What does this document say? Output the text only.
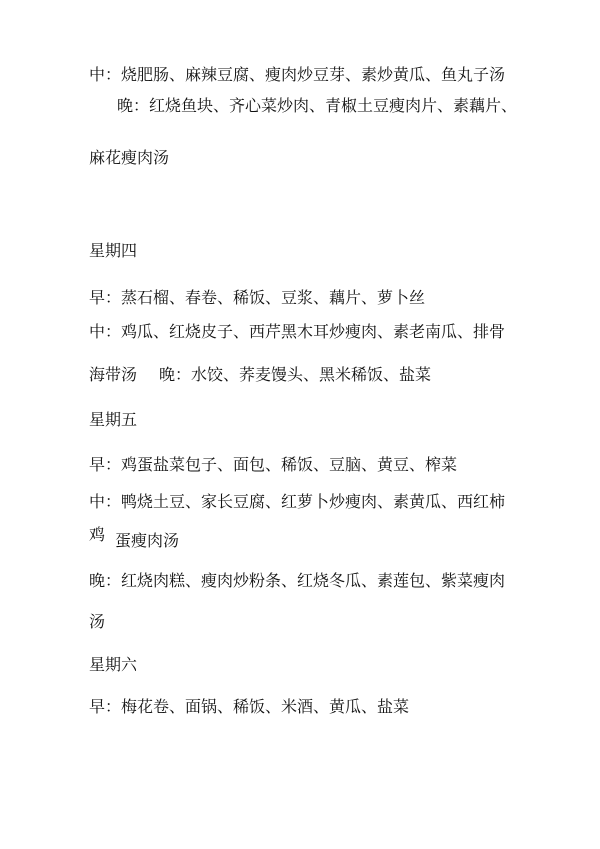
中：烧肥肠、麻辣豆腐、瘦肉炒豆芽、素炒黄瓜、鱼丸子汤
晚：红烧鱼块、齐心菜炒肉、青椒土豆瘦肉片、素藕片、
麻花瘦肉汤
星期四
早：蒸石榴、春卷、稀饭、豆浆、藕片、萝卜丝
中：鸡瓜、红烧皮子、西芹黑木耳炒瘦肉、素老南瓜、排骨
海带汤 晚：水饺、荞麦馒头、黑米稀饭、盐菜
星期五
早：鸡蛋盐菜包子、面包、稀饭、豆脑、黄豆、榨菜
中：鸭烧土豆、家长豆腐、红萝卜炒瘦肉、素黄瓜、西红柿
鸡 蛋瘦肉汤
晚：红烧肉糕、瘦肉炒粉条、红烧冬瓜、素莲包、紫菜瘦肉
汤
星期六
早：梅花卷、面锅、稀饭、米酒、黄瓜、盐菜
